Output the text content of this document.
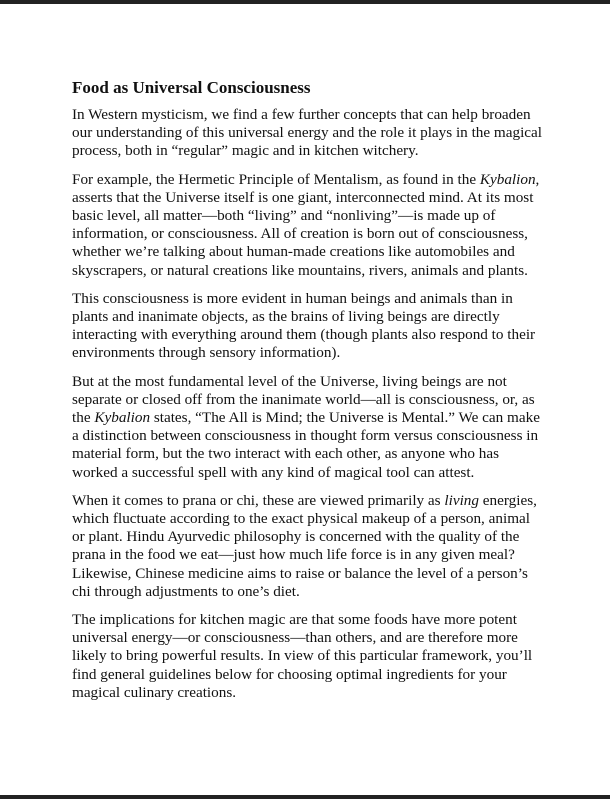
Food as Universal Consciousness

In Western mysticism, we find a few further concepts that can help broaden our understanding of this universal energy and the role it plays in the magical process, both in “regular” magic and in kitchen witchery.

For example, the Hermetic Principle of Mentalism, as found in the Kybalion, asserts that the Universe itself is one giant, interconnected mind. At its most basic level, all matter—both “living” and “nonliving”—is made up of information, or consciousness. All of creation is born out of consciousness, whether we’re talking about human-made creations like automobiles and skyscrapers, or natural creations like mountains, rivers, animals and plants.

This consciousness is more evident in human beings and animals than in plants and inanimate objects, as the brains of living beings are directly interacting with everything around them (though plants also respond to their environments through sensory information).

But at the most fundamental level of the Universe, living beings are not separate or closed off from the inanimate world—all is consciousness, or, as the Kybalion states, “The All is Mind; the Universe is Mental.” We can make a distinction between consciousness in thought form versus consciousness in material form, but the two interact with each other, as anyone who has worked a successful spell with any kind of magical tool can attest.

When it comes to prana or chi, these are viewed primarily as living energies, which fluctuate according to the exact physical makeup of a person, animal or plant. Hindu Ayurvedic philosophy is concerned with the quality of the prana in the food we eat—just how much life force is in any given meal? Likewise, Chinese medicine aims to raise or balance the level of a person’s chi through adjustments to one’s diet.

The implications for kitchen magic are that some foods have more potent universal energy—or consciousness—than others, and are therefore more likely to bring powerful results. In view of this particular framework, you’ll find general guidelines below for choosing optimal ingredients for your magical culinary creations.
